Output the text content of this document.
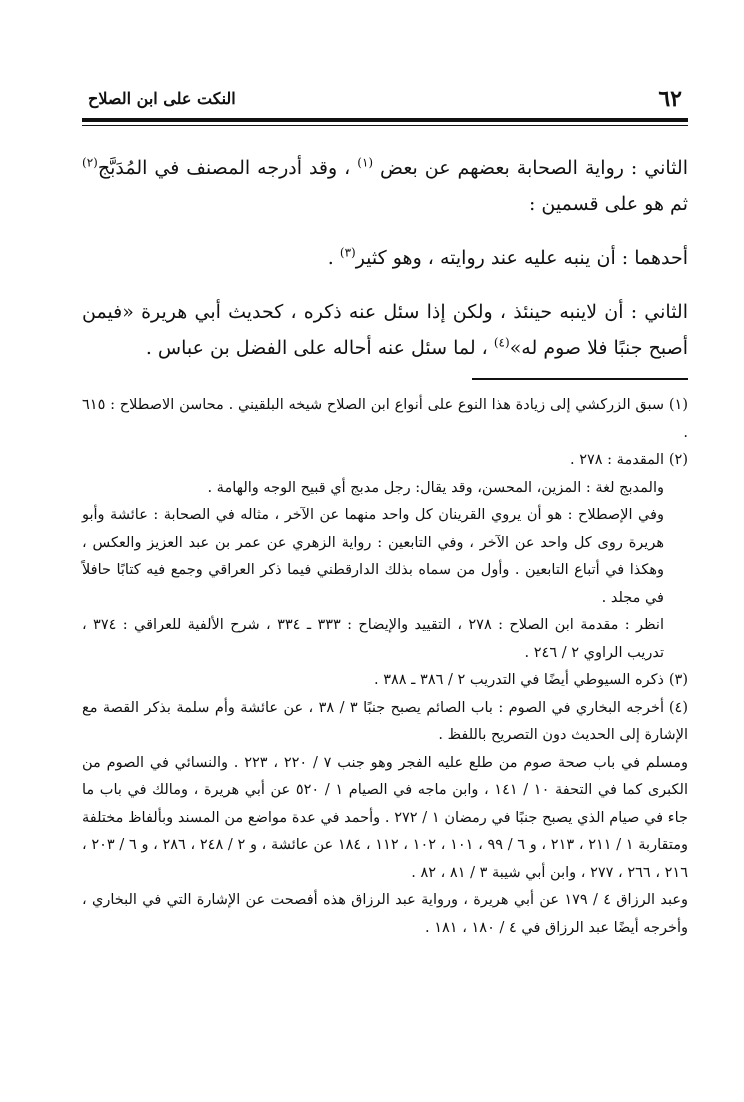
٦٢
النكت على ابن الصلاح

الثاني : رواية الصحابة بعضهم عن بعض $^{(١)}$ ، وقد أدرجه المصنف في المُدَبَّج$^{(٢)}$ ثم هو على قسمين :

أحدهما : أن ينبه عليه عند روايته ، وهو كثير$^{(٣)}$ .

الثاني : أن لاينبه حينئذ ، ولكن إذا سئل عنه ذكره ، كحديث أبي هريرة «فيمن أصبح جنبًا فلا صوم له»$^{(٤)}$ ، لما سئل عنه أحاله على الفضل بن عباس .

(١)سبق الزركشي إلى زيادة هذا النوع على أنواع ابن الصلاح شيخه البلقيني . محاسن الاصطلاح : ٦١٥ .

(٢)المقدمة : ٢٧٨ .

والمدبج لغة : المزين، المحسن، وقد يقال: رجل مدبج أي قبيح الوجه والهامة .

وفي الإصطلاح : هو أن يروي القرينان كل واحد منهما عن الآخر ، مثاله في الصحابة : عائشة وأبو هريرة روى كل واحد عن الآخر ، وفي التابعين : رواية الزهري عن عمر بن عبد العزيز والعكس ، وهكذا في أتباع التابعين . وأول من سماه بذلك الدارقطني فيما ذكر العراقي وجمع فيه كتابًا حافلاً في مجلد .

انظر : مقدمة ابن الصلاح : ٢٧٨ ، التقييد والإيضاح : ٣٣٣ ـ ٣٣٤ ، شرح الألفية للعراقي : ٣٧٤ ، تدريب الراوي ٢ / ٢٤٦ .

(٣)ذكره السيوطي أيضًا في التدريب ٢ / ٣٨٦ ـ ٣٨٨ .

(٤)أخرجه البخاري في الصوم : باب الصائم يصبح جنبًا ٣ / ٣٨ ، عن عائشة وأم سلمة بذكر القصة مع الإشارة إلى الحديث دون التصريح باللفظ .

ومسلم في باب صحة صوم من طلع عليه الفجر وهو جنب ٧ / ٢٢٠ ، ٢٢٣ . والنسائي في الصوم من الكبرى كما في التحفة ١٠ / ١٤١ ، وابن ماجه في الصيام ١ / ٥٢٠ عن أبي هريرة ، ومالك في باب ما جاء في صيام الذي يصبح جنبًا في رمضان ١ / ٢٧٢ . وأحمد في عدة مواضع من المسند وبألفاظ مختلفة ومتقاربة ١ / ٢١١ ، ٢١٣ ، و ٦ / ٩٩ ، ١٠١ ، ١٠٢ ، ١١٢ ، ١٨٤ عن عائشة ، و ٢ / ٢٤٨ ، ٢٨٦ ، و ٦ / ٢٠٣ ، ٢١٦ ، ٢٦٦ ، ٢٧٧ ، وابن أبي شيبة ٣ / ٨١ ، ٨٢ .

وعبد الرزاق ٤ / ١٧٩ عن أبي هريرة ، ورواية عبد الرزاق هذه أفصحت عن الإشارة التي في البخاري ، وأخرجه أيضًا عبد الرزاق في ٤ / ١٨٠ ، ١٨١ .
